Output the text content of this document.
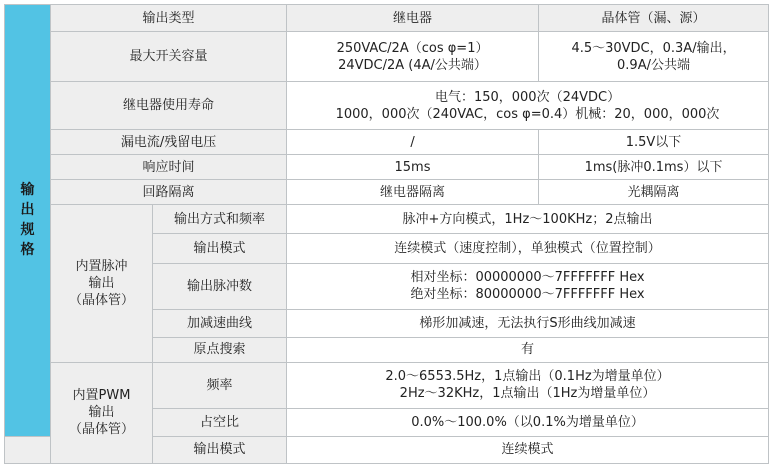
输
出
规
格	输出类型		继电器	晶体管（漏、源）
	最大开关容量		250VAC/2A（cos φ=1）
24VDC/2A (4A/公共端）	4.5～30VDC，0.3A/输出，
0.9A/公共端

	继电器使用寿命		电气：150，000次（24VDC）
1000，000次（240VAC，cos φ=0.4）机械：20，000，000次	

	漏电流/残留电压		/	1.5V以下
	响应时间		15ms	1ms(脉冲0.1ms）以下
	回路隔离		继电器隔离	光耦隔离

	内置脉冲
输出
（晶体管）	输出方式和频率	脉冲+方向模式，1Hz～100KHz；2点输出	
		输出模式	连续模式（速度控制），单独模式（位置控制）	
		输出脉冲数	相对坐标：00000000～7FFFFFFF Hex
绝对坐标：80000000～7FFFFFFF Hex	

		加减速曲线	梯形加减速，无法执行S形曲线加减速	
		原点搜索	有	

	内置PWM
输出
（晶体管）	频率	2.0～6553.5Hz，1点输出（0.1Hz为增量单位）
2Hz～32KHz，1点输出（1Hz为增量单位）	

		占空比	0.0%～100.0%（以0.1%为增量单位）	
		输出模式	连续模式	
